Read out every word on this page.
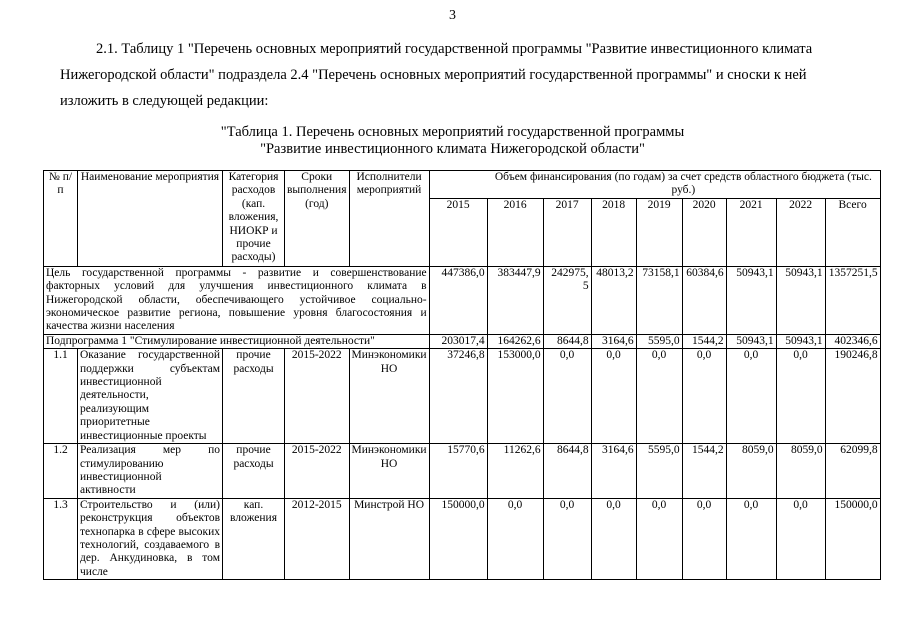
3

2.1. Таблицу 1 "Перечень основных мероприятий государственной программы "Развитие инвестиционного климата
Нижегородской области" подраздела 2.4 "Перечень основных мероприятий государственной программы" и сноски к ней
изложить в следующей редакции:

"Таблица 1. Перечень основных мероприятий государственной программы
"Развитие инвестиционного климата Нижегородской области"
№ п/п	Наименование мероприятия	Категория расходов (кап. вложения, НИОКР и прочие расходы)	Сроки выполнения (год)	Исполнители мероприятий		Объем финансирования (по годам) за счет средств областного бюджета (тыс. руб.)							
					2015	2016	2017	2018	2019	2020	2021	2022	Всего
Цель государственной программы - развитие и совершенствование факторных условий для улучшения инвестиционного климата в Нижегородской области, обеспечивающего устойчивое социально-экономическое развитие региона, повышение уровня благосостояния и качества жизни населения					447386,0	383447,9	242975,5	48013,2	73158,1	60384,6	50943,1	50943,1	1357251,5
Подпрограмма 1 "Стимулирование инвестиционной деятельности"					203017,4	164262,6	8644,8	3164,6	5595,0	1544,2	50943,1	50943,1	402346,6
1.1	Оказание государственной поддержки субъектам инвестиционной деятельности, реализующим приоритетные инвестиционные проекты	прочие расходы	2015-2022	Минэкономики НО	37246,8	153000,0	0,0	0,0	0,0	0,0	0,0	0,0	190246,8
1.2	Реализация мер по стимулированию инвестиционной активности	прочие расходы	2015-2022	Минэкономики НО	15770,6	11262,6	8644,8	3164,6	5595,0	1544,2	8059,0	8059,0	62099,8
1.3	Строительство и (или) реконструкция объектов технопарка в сфере высоких технологий, создаваемого в дер. Анкудиновка, в том числе	кап. вложения	2012-2015	Минстрой НО	150000,0	0,0	0,0	0,0	0,0	0,0	0,0	0,0	150000,0
